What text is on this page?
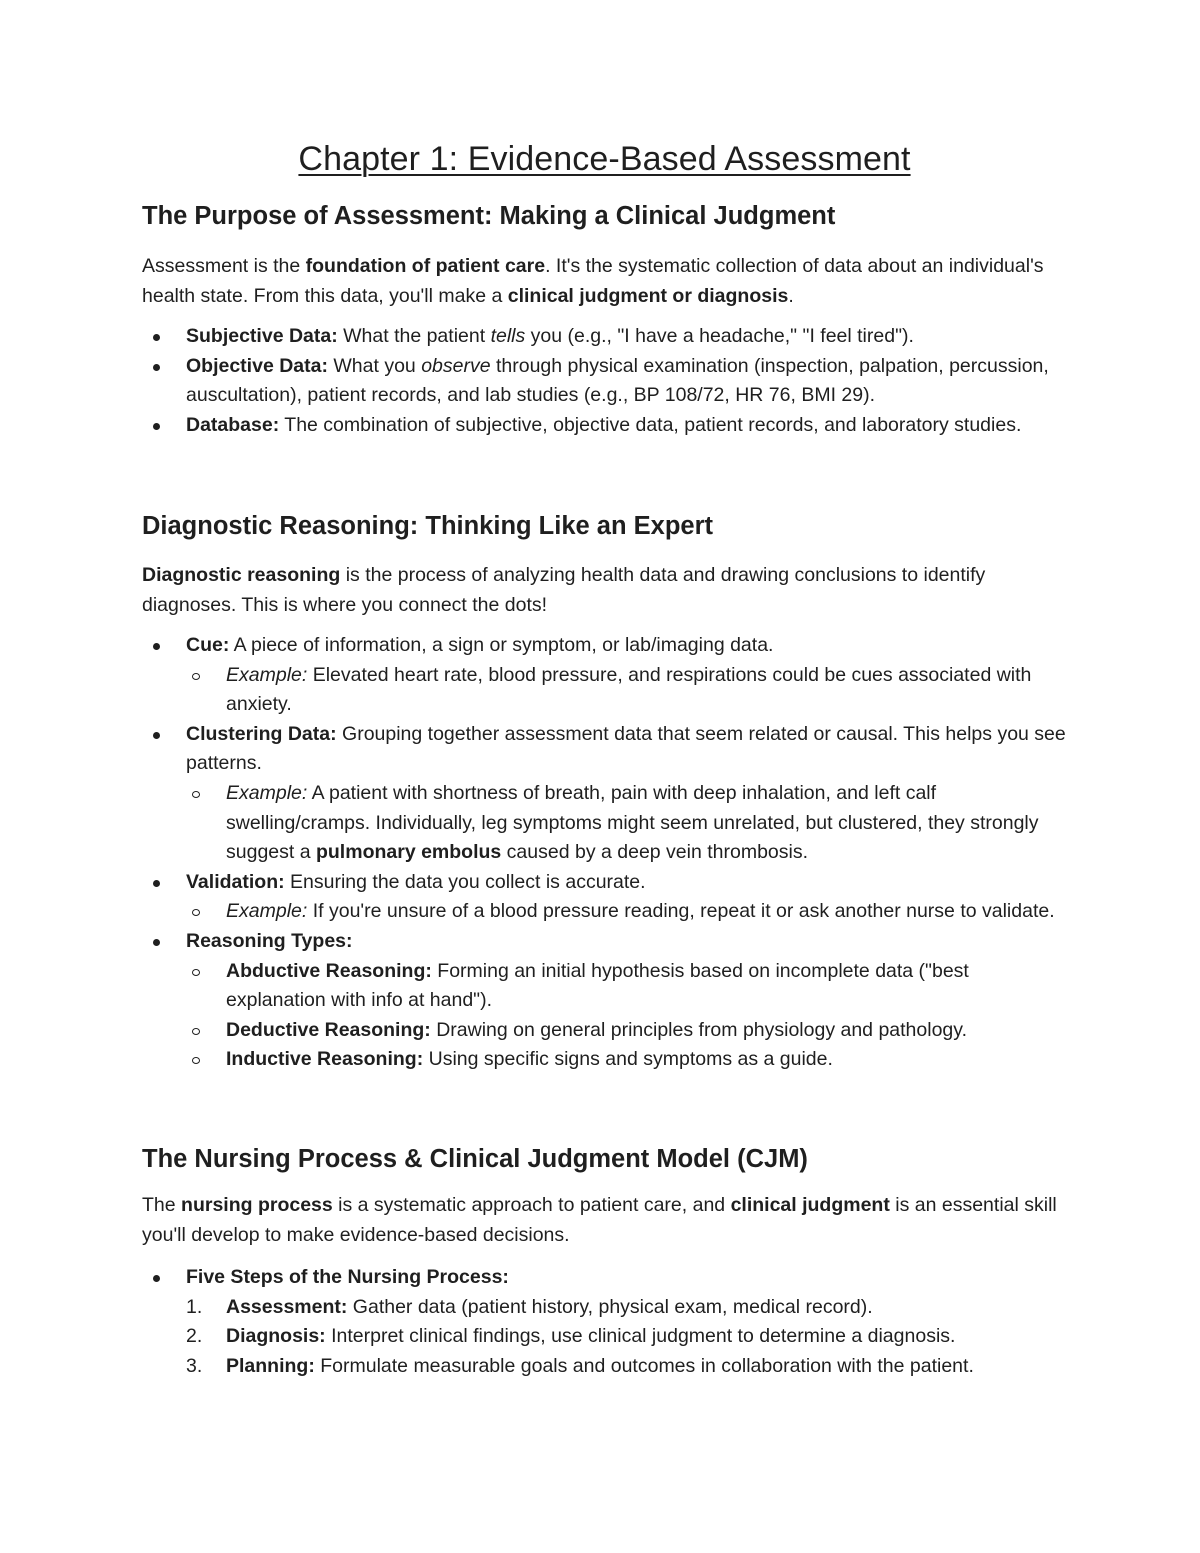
Chapter 1: Evidence-Based Assessment
The Purpose of Assessment: Making a Clinical Judgment

Assessment is the foundation of patient care. It's the systematic collection of data about an individual's health state. From this data, you'll make a clinical judgment or diagnosis.

Subjective Data: What the patient tells you (e.g., "I have a headache," "I feel tired").
Objective Data: What you observe through physical examination (inspection, palpation, percussion, auscultation), patient records, and lab studies (e.g., BP 108/72, HR 76, BMI 29).
Database: The combination of subjective, objective data, patient records, and laboratory studies.
Diagnostic Reasoning: Thinking Like an Expert

Diagnostic reasoning is the process of analyzing health data and drawing conclusions to identify diagnoses. This is where you connect the dots!

Cue: A piece of information, a sign or symptom, or lab/imaging data.
Example: Elevated heart rate, blood pressure, and respirations could be cues associated with anxiety.
Clustering Data: Grouping together assessment data that seem related or causal. This helps you see patterns.
Example: A patient with shortness of breath, pain with deep inhalation, and left calf swelling/cramps. Individually, leg symptoms might seem unrelated, but clustered, they strongly suggest a pulmonary embolus caused by a deep vein thrombosis.
Validation: Ensuring the data you collect is accurate.
Example: If you're unsure of a blood pressure reading, repeat it or ask another nurse to validate.
Reasoning Types:
Abductive Reasoning: Forming an initial hypothesis based on incomplete data ("best explanation with info at hand").
Deductive Reasoning: Drawing on general principles from physiology and pathology.
Inductive Reasoning: Using specific signs and symptoms as a guide.
The Nursing Process & Clinical Judgment Model (CJM)

The nursing process is a systematic approach to patient care, and clinical judgment is an essential skill you'll develop to make evidence-based decisions.

Five Steps of the Nursing Process:
1. Assessment: Gather data (patient history, physical exam, medical record).
2. Diagnosis: Interpret clinical findings, use clinical judgment to determine a diagnosis.
3. Planning: Formulate measurable goals and outcomes in collaboration with the patient.
